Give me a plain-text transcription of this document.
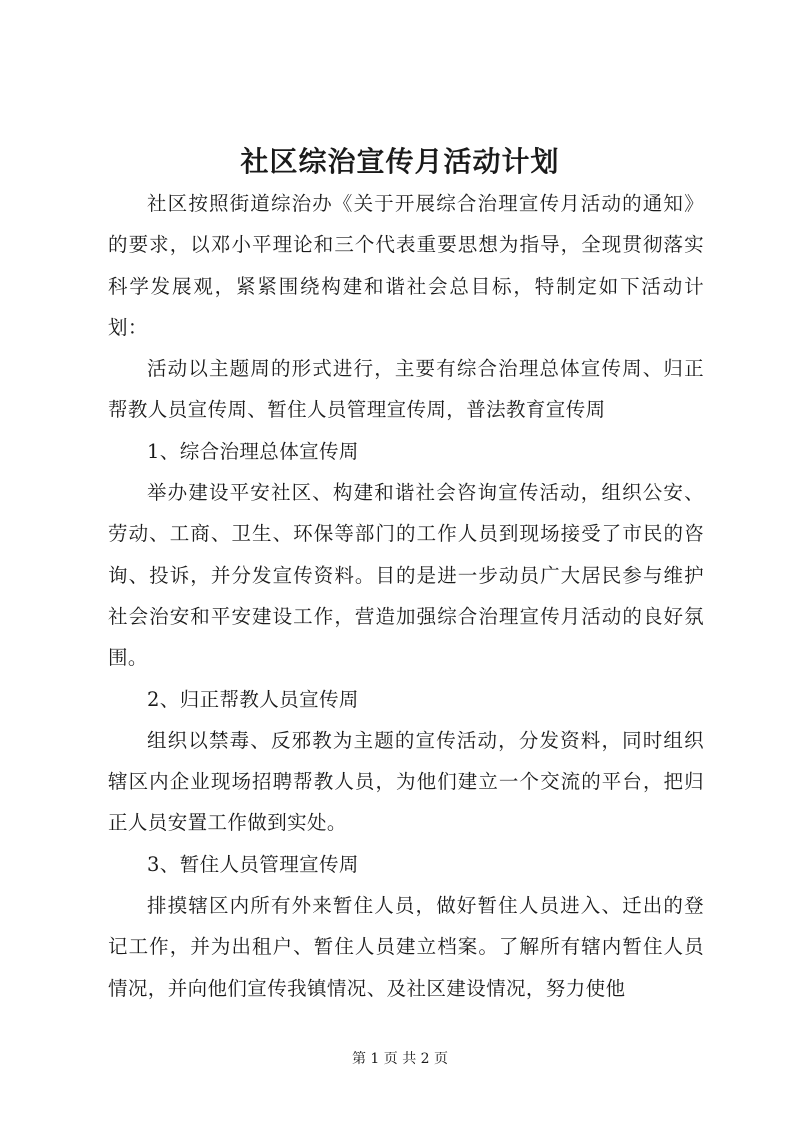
社区综治宣传月活动计划

社区按照街道综治办《关于开展综合治理宣传月活动的通知》的要求，以邓小平理论和三个代表重要思想为指导，全现贯彻落实科学发展观，紧紧围绕构建和谐社会总目标，特制定如下活动计划：

活动以主题周的形式进行，主要有综合治理总体宣传周、归正帮教人员宣传周、暂住人员管理宣传周，普法教育宣传周

1、综合治理总体宣传周

举办建设平安社区、构建和谐社会咨询宣传活动，组织公安、劳动、工商、卫生、环保等部门的工作人员到现场接受了市民的咨询、投诉，并分发宣传资料。目的是进一步动员广大居民参与维护社会治安和平安建设工作，营造加强综合治理宣传月活动的良好氛围。

2、归正帮教人员宣传周

组织以禁毒、反邪教为主题的宣传活动，分发资料，同时组织辖区内企业现场招聘帮教人员，为他们建立一个交流的平台，把归正人员安置工作做到实处。

3、暂住人员管理宣传周

排摸辖区内所有外来暂住人员，做好暂住人员进入、迁出的登记工作，并为出租户、暂住人员建立档案。了解所有辖内暂住人员情况，并向他们宣传我镇情况、及社区建设情况，努力使他

第 1 页 共 2 页
